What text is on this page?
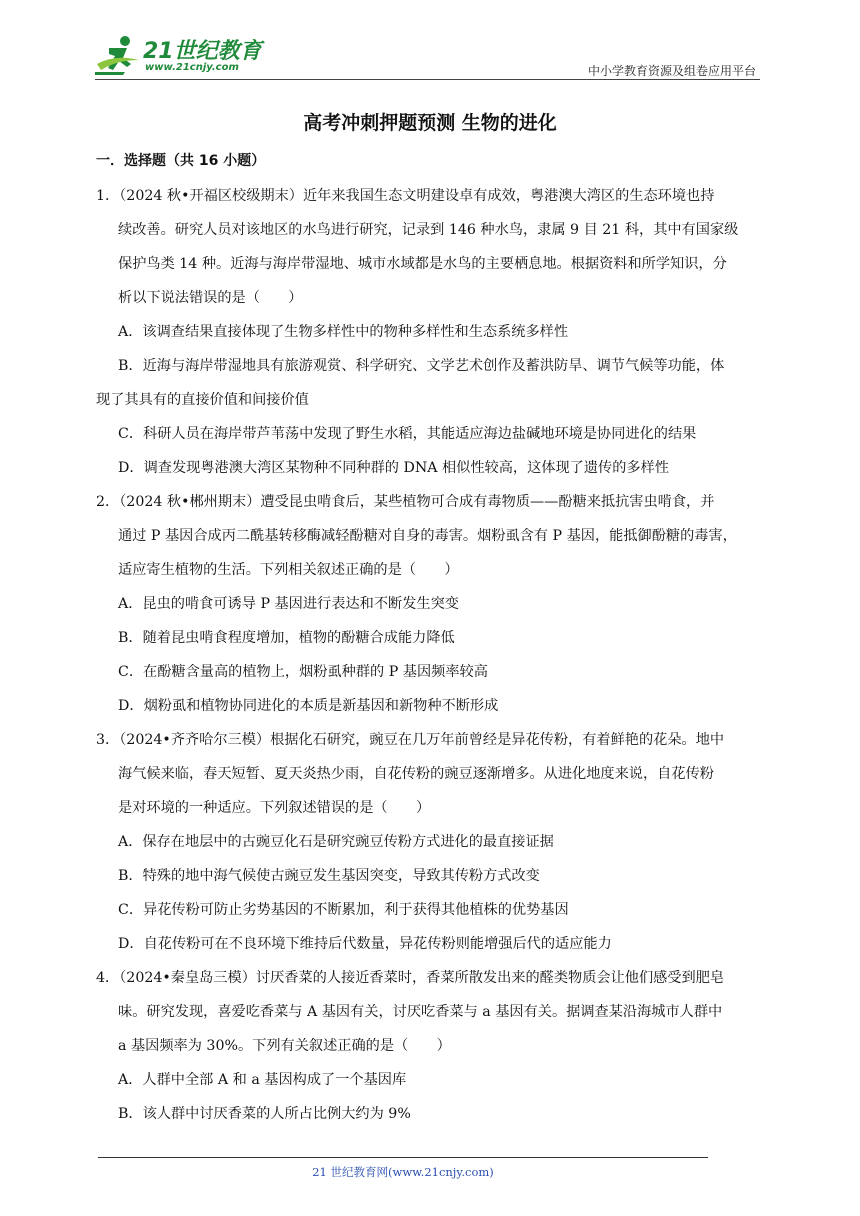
21世纪教育
www.21cnjy.com	中小学教育资源及组卷应用平台
高考冲刺押题预测 生物的进化
一．选择题（共 16 小题）
1．（2024 秋•开福区校级期末）近年来我国生态文明建设卓有成效，粤港澳大湾区的生态环境也持
续改善。研究人员对该地区的水鸟进行研究，记录到 146 种水鸟，隶属 9 目 21 科，其中有国家级
保护鸟类 14 种。近海与海岸带湿地、城市水域都是水鸟的主要栖息地。根据资料和所学知识，分
析以下说法错误的是（　　）
A．该调查结果直接体现了生物多样性中的物种多样性和生态系统多样性
B．近海与海岸带湿地具有旅游观赏、科学研究、文学艺术创作及蓄洪防旱、调节气候等功能，体
现了其具有的直接价值和间接价值
C．科研人员在海岸带芦苇荡中发现了野生水稻，其能适应海边盐碱地环境是协同进化的结果
D．调查发现粤港澳大湾区某物种不同种群的 DNA 相似性较高，这体现了遗传的多样性
2．（2024 秋•郴州期末）遭受昆虫啃食后，某些植物可合成有毒物质——酚糖来抵抗害虫啃食，并
通过 P 基因合成丙二酰基转移酶减轻酚糖对自身的毒害。烟粉虱含有 P 基因，能抵御酚糖的毒害，
适应寄生植物的生活。下列相关叙述正确的是（　　）
A．昆虫的啃食可诱导 P 基因进行表达和不断发生突变
B．随着昆虫啃食程度增加，植物的酚糖合成能力降低
C．在酚糖含量高的植物上，烟粉虱种群的 P 基因频率较高
D．烟粉虱和植物协同进化的本质是新基因和新物种不断形成
3．（2024•齐齐哈尔三模）根据化石研究，豌豆在几万年前曾经是异花传粉，有着鲜艳的花朵。地中
海气候来临，春天短暂、夏天炎热少雨，自花传粉的豌豆逐渐增多。从进化地度来说，自花传粉
是对环境的一种适应。下列叙述错误的是（　　）
A．保存在地层中的古豌豆化石是研究豌豆传粉方式进化的最直接证据
B．特殊的地中海气候使古豌豆发生基因突变，导致其传粉方式改变
C．异花传粉可防止劣势基因的不断累加，利于获得其他植株的优势基因
D．自花传粉可在不良环境下维持后代数量，异花传粉则能增强后代的适应能力
4．（2024•秦皇岛三模）讨厌香菜的人接近香菜时，香菜所散发出来的醛类物质会让他们感受到肥皂
味。研究发现，喜爱吃香菜与 A 基因有关，讨厌吃香菜与 a 基因有关。据调查某沿海城市人群中
a 基因频率为 30%。下列有关叙述正确的是（　　）
A．人群中全部 A 和 a 基因构成了一个基因库
B．该人群中讨厌香菜的人所占比例大约为 9%
21 世纪教育网(www.21cnjy.com)
